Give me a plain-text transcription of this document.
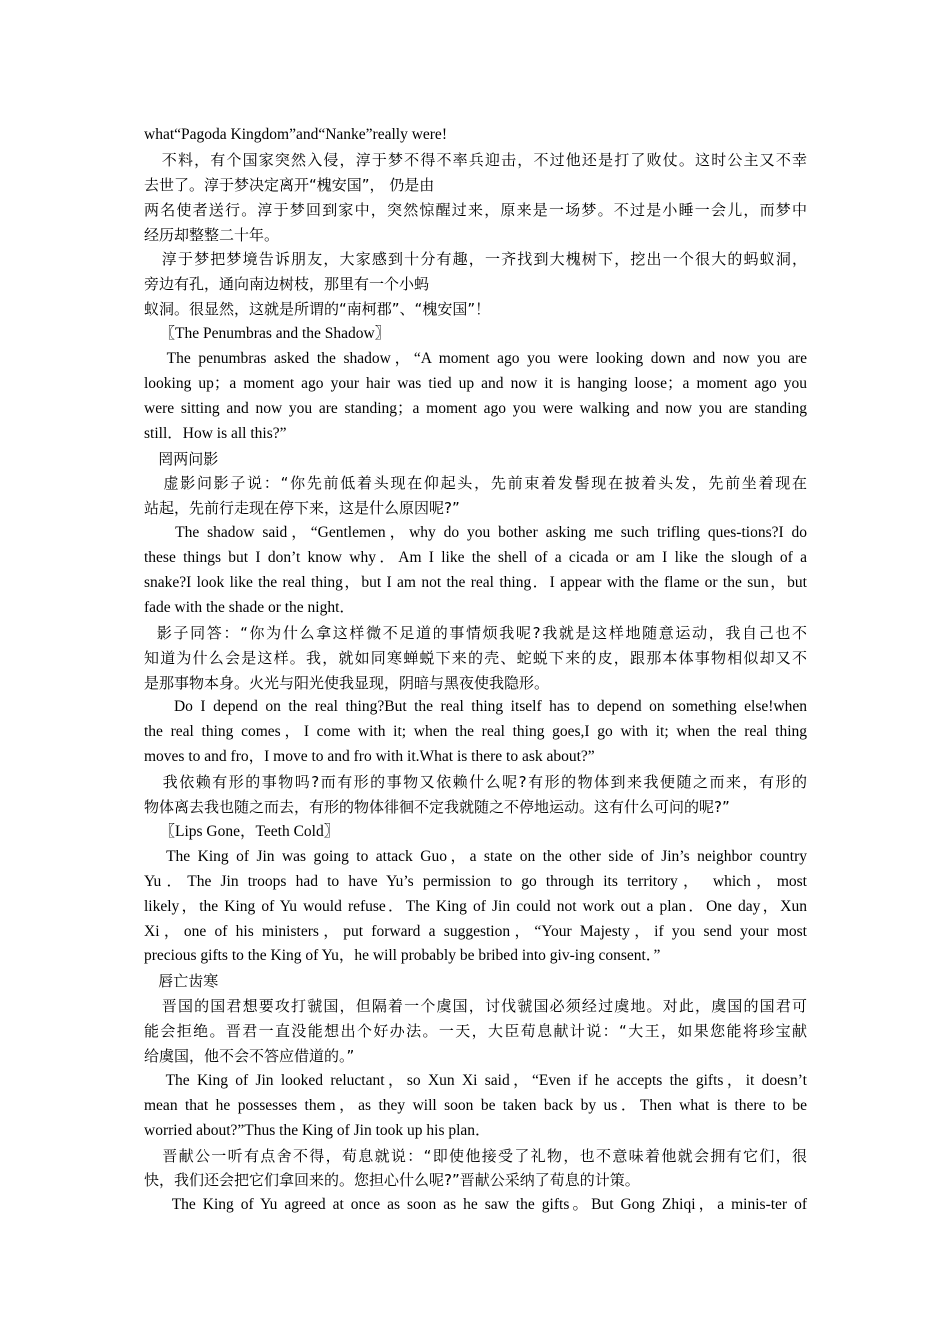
what“Pagoda Kingdom”and“Nanke”really were!
不料，有个国家突然入侵，淳于梦不得不率兵迎击，不过他还是打了败仗。这时公主又不幸
去世了。淳于梦决定离开“槐安国”， 仍是由
两名使者送行。淳于梦回到家中，突然惊醒过来，原来是一场梦。不过是小睡一会儿，而梦中
经历却整整二十年。
淳于梦把梦境告诉朋友，大家感到十分有趣，一齐找到大槐树下，挖出一个很大的蚂蚁洞，
旁边有孔，通向南边树枝，那里有一个小蚂
蚁洞。很显然，这就是所谓的“南柯郡”、“槐安国”！
〖The Penumbras and the Shadow〗
The penumbras asked the shadow，“A moment ago you were looking down and now you are
looking up；a moment ago your hair was tied up and now it is hanging loose；a moment ago you
were sitting and now you are standing；a moment ago you were walking and now you are standing
still．How is all this?”
罔两问影
虚影问影子说：“你先前低着头现在仰起头，先前束着发髻现在披着头发，先前坐着现在
站起，先前行走现在停下来，这是什么原因呢?”
The shadow said，“Gentlemen，why do you bother asking me such trifling ques-tions?I do
these things but I don’t know why．Am I like the shell of a cicada or am I like the slough of a
snake?I look like the real thing，but I am not the real thing．I appear with the flame or the sun，but
fade with the shade or the night．
影子同答：“你为什么拿这样微不足道的事情烦我呢?我就是这样地随意运动，我自己也不
知道为什么会是这样。我，就如同寒蝉蜕下来的壳、蛇蜕下来的皮，跟那本体事物相似却又不
是那事物本身。火光与阳光使我显现，阴暗与黑夜使我隐形。
Do I depend on the real thing?But the real thing itself has to depend on something else!when
the real thing comes，I come with it; when the real thing goes,I go with it; when the real thing
moves to and fro，I move to and fro with it.What is there to ask about?”
我依赖有形的事物吗?而有形的事物又依赖什么呢?有形的物体到来我便随之而来，有形的
物体离去我也随之而去，有形的物体徘徊不定我就随之不停地运动。这有什么可问的呢?”
〖Lips Gone，Teeth Cold〗
The King of Jin was going to attack Guo，a state on the other side of Jin’s neighbor country
Yu．The Jin troops had to have Yu’s permission to go through its territory， which，most
likely，the King of Yu would refuse．The King of Jin could not work out a plan．One day，Xun
Xi，one of his ministers，put forward a suggestion，“Your Majesty，if you send your most
precious gifts to the King of Yu，he will probably be bribed into giv-ing consent．”
唇亡齿寒
晋国的国君想要攻打虢国，但隔着一个虞国，讨伐虢国必须经过虞地。对此，虞国的国君可
能会拒绝。晋君一直没能想出个好办法。一天，大臣荀息献计说：“大王，如果您能将珍宝献
给虞国，他不会不答应借道的。”
The King of Jin looked reluctant，so Xun Xi said，“Even if he accepts the gifts，it doesn’t
mean that he possesses them，as they will soon be taken back by us．Then what is there to be
worried about?”Thus the King of Jin took up his plan．
晋献公一听有点舍不得，荀息就说：“即使他接受了礼物，也不意味着他就会拥有它们，很
快，我们还会把它们拿回来的。您担心什么呢?”晋献公采纳了荀息的计策。
The King of Yu agreed at once as soon as he saw the gifts。But Gong Zhiqi，a minis-ter of
